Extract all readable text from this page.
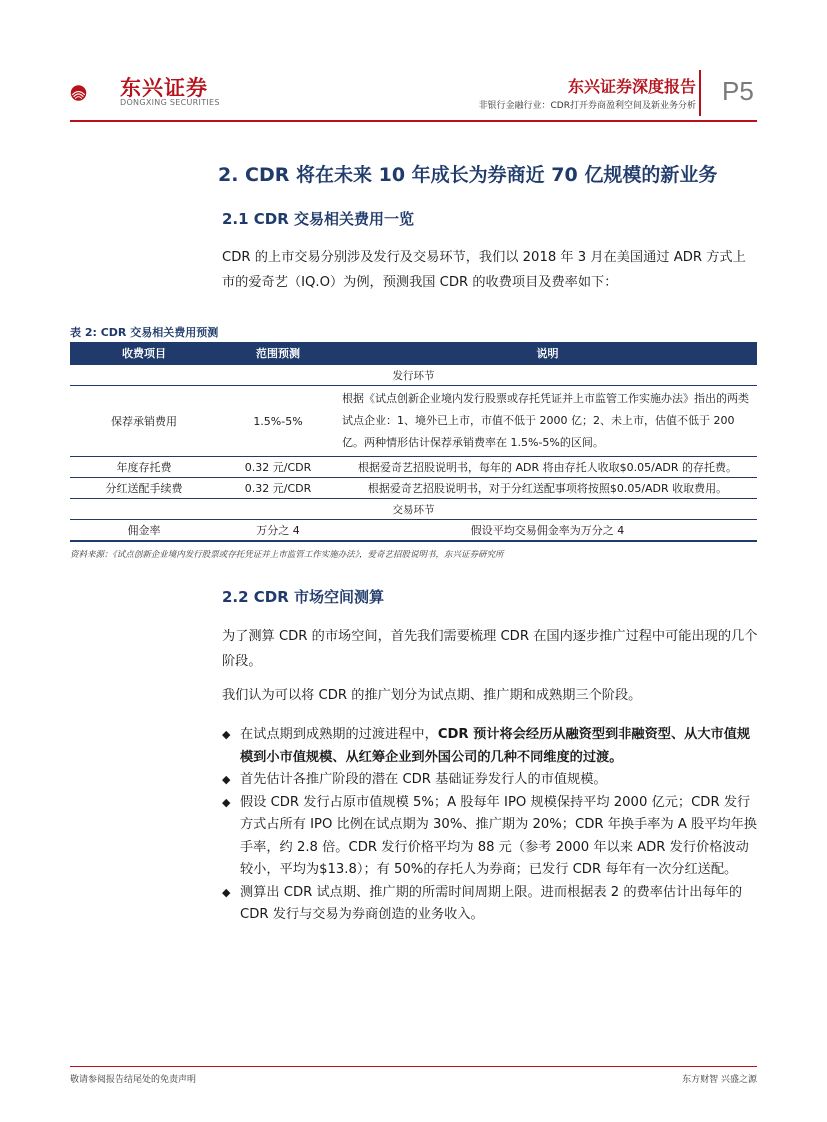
东兴证券
DONGXING SECURITIES
东兴证券深度报告
非银行金融行业：CDR打开券商盈利空间及新业务分析 P5
2. CDR 将在未来 10 年成长为券商近 70 亿规模的新业务
2.1 CDR 交易相关费用一览
CDR 的上市交易分别涉及发行及交易环节，我们以 2018 年 3 月在美国通过 ADR 方式上市的爱奇艺（IQ.O）为例，预测我国 CDR 的收费项目及费率如下：
表 2: CDR 交易相关费用预测
收费项目	范围预测	说明
发行环节		
保荐承销费用	1.5%-5%	根据《试点创新企业境内发行股票或存托凭证并上市监管工作实施办法》指出的两类试点企业：1、境外已上市，市值不低于 2000 亿；2、未上市，估值不低于 200 亿。两种情形估计保荐承销费率在 1.5%-5%的区间。
年度存托费	0.32 元/CDR	根据爱奇艺招股说明书，每年的 ADR 将由存托人收取$0.05/ADR 的存托费。
分红送配手续费	0.32 元/CDR	根据爱奇艺招股说明书，对于分红送配事项将按照$0.05/ADR 收取费用。
交易环节		
佣金率	万分之 4	假设平均交易佣金率为万分之 4
资料来源：《试点创新企业境内发行股票或存托凭证并上市监管工作实施办法》，爱奇艺招股说明书，东兴证券研究所
2.2 CDR 市场空间测算
为了测算 CDR 的市场空间，首先我们需要梳理 CDR 在国内逐步推广过程中可能出现的几个阶段。
我们认为可以将 CDR 的推广划分为试点期、推广期和成熟期三个阶段。
◆ 在试点期到成熟期的过渡进程中，CDR 预计将会经历从融资型到非融资型、从大市值规模到小市值规模、从红筹企业到外国公司的几种不同维度的过渡。
◆ 首先估计各推广阶段的潜在 CDR 基础证券发行人的市值规模。
◆ 假设 CDR 发行占原市值规模 5%；A 股每年 IPO 规模保持平均 2000 亿元；CDR 发行方式占所有 IPO 比例在试点期为 30%、推广期为 20%；CDR 年换手率为 A 股平均年换手率，约 2.8 倍。CDR 发行价格平均为 88 元（参考 2000 年以来 ADR 发行价格波动较小，平均为$13.8）；有 50%的存托人为券商；已发行 CDR 每年有一次分红送配。
◆ 测算出 CDR 试点期、推广期的所需时间周期上限。进而根据表 2 的费率估计出每年的 CDR 发行与交易为券商创造的业务收入。
敬请参阅报告结尾处的免责声明	东方财智 兴盛之源
